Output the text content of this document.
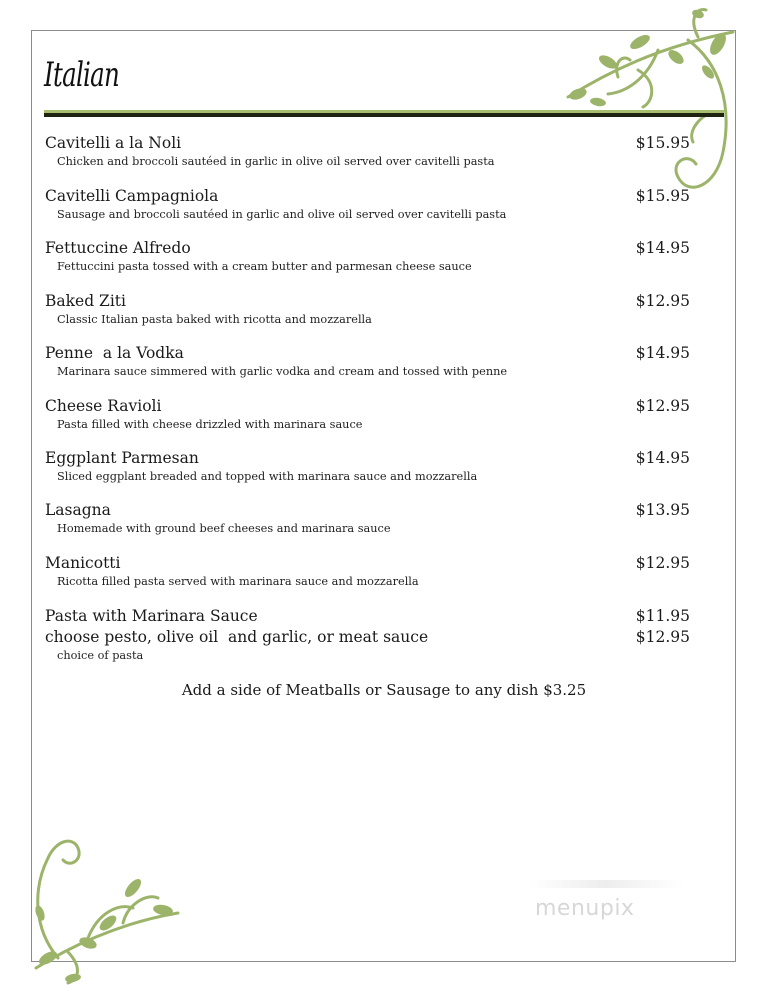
Italian
Cavitelli a la Noli	$15.95
Chicken and broccoli sautéed in garlic in olive oil served over cavitelli pasta
Cavitelli Campagniola	$15.95
Sausage and broccoli sautéed in garlic and olive oil served over cavitelli pasta
Fettuccine Alfredo	$14.95
Fettuccini pasta tossed with a cream butter and parmesan cheese sauce
Baked Ziti	$12.95
Classic Italian pasta baked with ricotta and mozzarella
Penne  a la Vodka	$14.95
Marinara sauce simmered with garlic vodka and cream and tossed with penne
Cheese Ravioli	$12.95
Pasta filled with cheese drizzled with marinara sauce
Eggplant Parmesan	$14.95
Sliced eggplant breaded and topped with marinara sauce and mozzarella
Lasagna	$13.95
Homemade with ground beef cheeses and marinara sauce
Manicotti	$12.95
Ricotta filled pasta served with marinara sauce and mozzarella
Pasta with Marinara Sauce	$11.95
choose pesto, olive oil  and garlic, or meat sauce	$12.95
choice of pasta
Add a side of Meatballs or Sausage to any dish $3.25
menupix
